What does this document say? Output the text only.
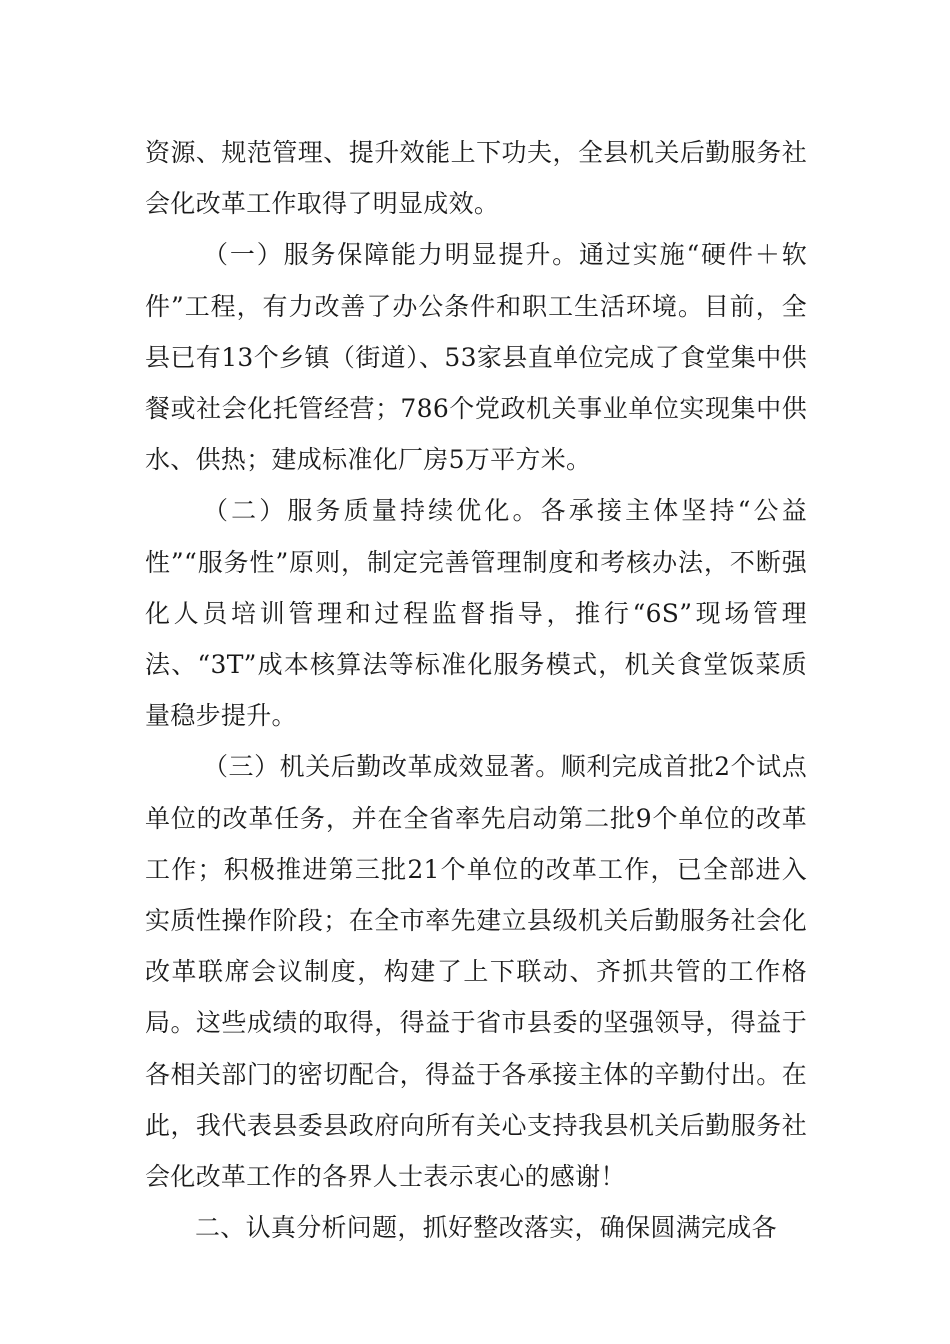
资源、规范管理、提升效能上下功夫，全县机关后勤服务社会化改革工作取得了明显成效。

（一）服务保障能力明显提升。通过实施“硬件＋软件”工程，有力改善了办公条件和职工生活环境。目前，全县已有13个乡镇（街道）、53家县直单位完成了食堂集中供餐或社会化托管经营；786个党政机关事业单位实现集中供水、供热；建成标准化厂房5万平方米。

（二）服务质量持续优化。各承接主体坚持“公益性”“服务性”原则，制定完善管理制度和考核办法，不断强化人员培训管理和过程监督指导，推行“6S”现场管理法、“3T”成本核算法等标准化服务模式，机关食堂饭菜质量稳步提升。

（三）机关后勤改革成效显著。顺利完成首批2个试点单位的改革任务，并在全省率先启动第二批9个单位的改革工作；积极推进第三批21个单位的改革工作，已全部进入实质性操作阶段；在全市率先建立县级机关后勤服务社会化改革联席会议制度，构建了上下联动、齐抓共管的工作格局。这些成绩的取得，得益于省市县委的坚强领导，得益于各相关部门的密切配合，得益于各承接主体的辛勤付出。在此，我代表县委县政府向所有关心支持我县机关后勤服务社会化改革工作的各界人士表示衷心的感谢！

二、认真分析问题，抓好整改落实，确保圆满完成各
